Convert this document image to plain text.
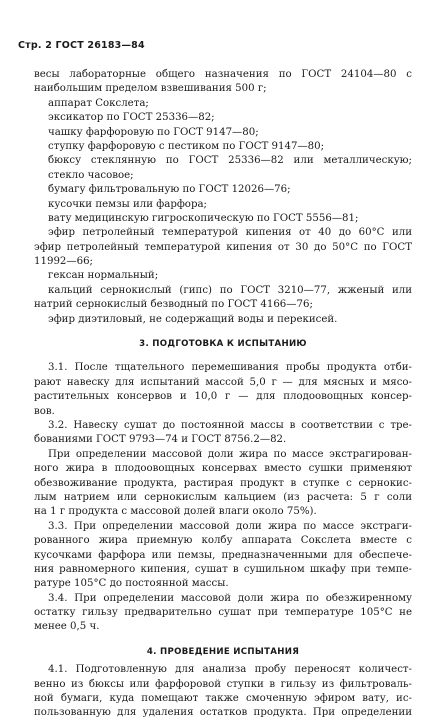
Стр. 2 ГОСТ 26183—84
весы лабораторные общего назначения по ГОСТ 24104—80 с
наибольшим пределом взвешивания 500 г;
аппарат Сокслета;
эксикатор по ГОСТ 25336—82;
чашку фарфоровую по ГОСТ 9147—80;
ступку фарфоровую с пестиком по ГОСТ 9147—80;
бюксу стеклянную по ГОСТ 25336—82 или металлическую;
стекло часовое;
бумагу фильтровальную по ГОСТ 12026—76;
кусочки пемзы или фарфора;
вату медицинскую гигроскопическую по ГОСТ 5556—81;
эфир петролейный температурой кипения от 40 до 60°С или
эфир петролейный температурой кипения от 30 до 50°С по ГОСТ
11992—66;
гексан нормальный;
кальций сернокислый (гипс) по ГОСТ 3210—77, жженый или
натрий сернокислый безводный по ГОСТ 4166—76;
эфир диэтиловый, не содержащий воды и перекисей.
3. ПОДГОТОВКА К ИСПЫТАНИЮ
3.1. После тщательного перемешивания пробы продукта отби-
рают навеску для испытаний массой 5,0 г — для мясных и мясо-
растительных консервов и 10,0 г — для плодоовощных консер-
вов.
3.2. Навеску сушат до постоянной массы в соответствии с тре-
бованиями ГОСТ 9793—74 и ГОСТ 8756.2—82.
При определении массовой доли жира по массе экстрагирован-
ного жира в плодоовощных консервах вместо сушки применяют
обезвоживание продукта, растирая продукт в ступке с сернокис-
лым натрием или сернокислым кальцием (из расчета: 5 г соли
на 1 г продукта с массовой долей влаги около 75%).
3.3. При определении массовой доли жира по массе экстраги-
рованного жира приемную колбу аппарата Сокслета вместе с
кусочками фарфора или пемзы, предназначенными для обеспече-
ния равномерного кипения, сушат в сушильном шкафу при темпе-
ратуре 105°С до постоянной массы.
3.4. При определении массовой доли жира по обезжиренному
остатку гильзу предварительно сушат при температуре 105°С не
менее 0,5 ч.
4. ПРОВЕДЕНИЕ ИСПЫТАНИЯ
4.1. Подготовленную для анализа пробу переносят количест-
венно из бюксы или фарфоровой ступки в гильзу из фильтроваль-
ной бумаги, куда помещают также смоченную эфиром вату, ис-
пользованную для удаления остатков продукта. При определении
